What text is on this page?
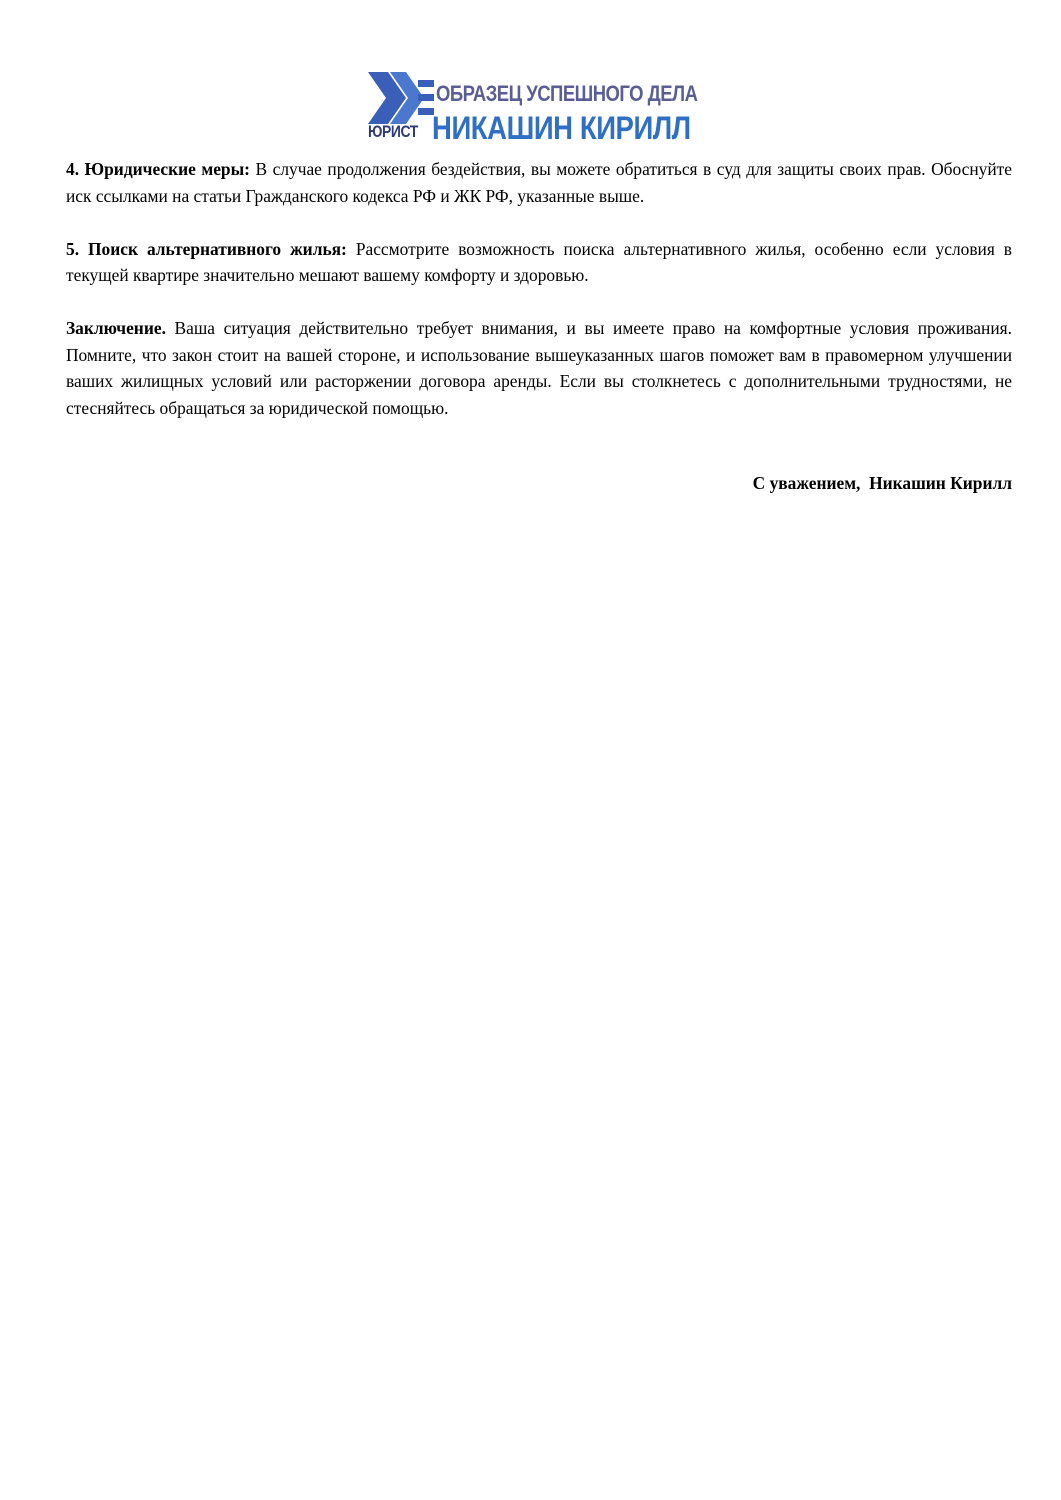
ОБРАЗЕЦ УСПЕШНОГО ДЕЛА
ЮРИСТ НИКАШИН КИРИЛЛ

4. Юридические меры: В случае продолжения бездействия, вы можете обратиться в суд для защиты своих прав. Обоснуйте иск ссылками на статьи Гражданского кодекса РФ и ЖК РФ, указанные выше.

5. Поиск альтернативного жилья: Рассмотрите возможность поиска альтернативного жилья, особенно если условия в текущей квартире значительно мешают вашему комфорту и здоровью.

Заключение. Ваша ситуация действительно требует внимания, и вы имеете право на комфортные условия проживания. Помните, что закон стоит на вашей стороне, и использование вышеуказанных шагов поможет вам в правомерном улучшении ваших жилищных условий или расторжении договора аренды. Если вы столкнетесь с дополнительными трудностями, не стесняйтесь обращаться за юридической помощью.

С уважением,  Никашин Кирилл
